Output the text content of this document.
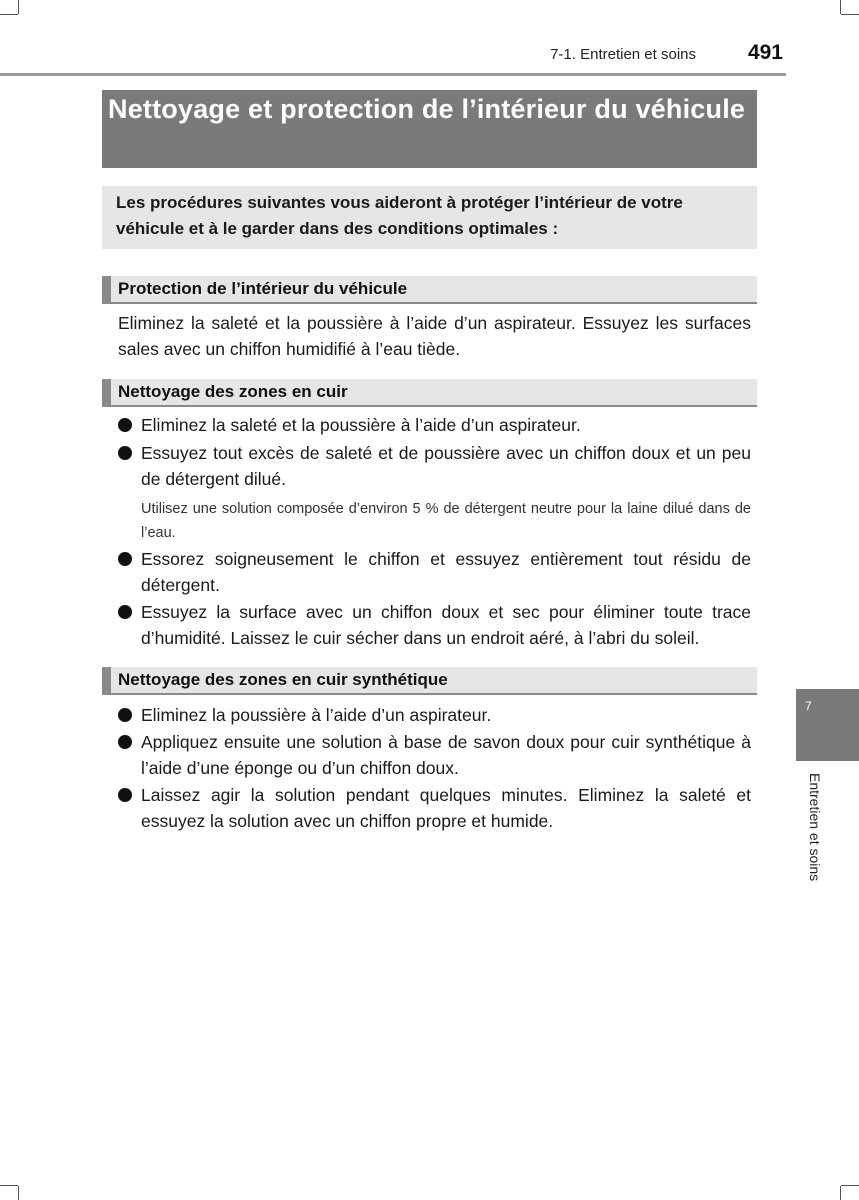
7-1. Entretien et soins 491
Nettoyage et protection de l’intérieur du véhicule
Les procédures suivantes vous aideront à protéger l’intérieur de votre véhicule et à le garder dans des conditions optimales :
Protection de l’intérieur du véhicule
Eliminez la saleté et la poussière à l’aide d’un aspirateur. Essuyez les surfaces sales avec un chiffon humidifié à l’eau tiède.
Nettoyage des zones en cuir
Eliminez la saleté et la poussière à l’aide d’un aspirateur.
Essuyez tout excès de saleté et de poussière avec un chiffon doux et un peu de détergent dilué.
Utilisez une solution composée d’environ 5 % de détergent neutre pour la laine dilué dans de l’eau.
Essorez soigneusement le chiffon et essuyez entièrement tout résidu de détergent.
Essuyez la surface avec un chiffon doux et sec pour éliminer toute trace d’humidité. Laissez le cuir sécher dans un endroit aéré, à l’abri du soleil.
Nettoyage des zones en cuir synthétique
Eliminez la poussière à l’aide d’un aspirateur.
Appliquez ensuite une solution à base de savon doux pour cuir synthétique à l’aide d’une éponge ou d’un chiffon doux.
Laissez agir la solution pendant quelques minutes. Eliminez la saleté et essuyez la solution avec un chiffon propre et humide.
7
Entretien et soins
